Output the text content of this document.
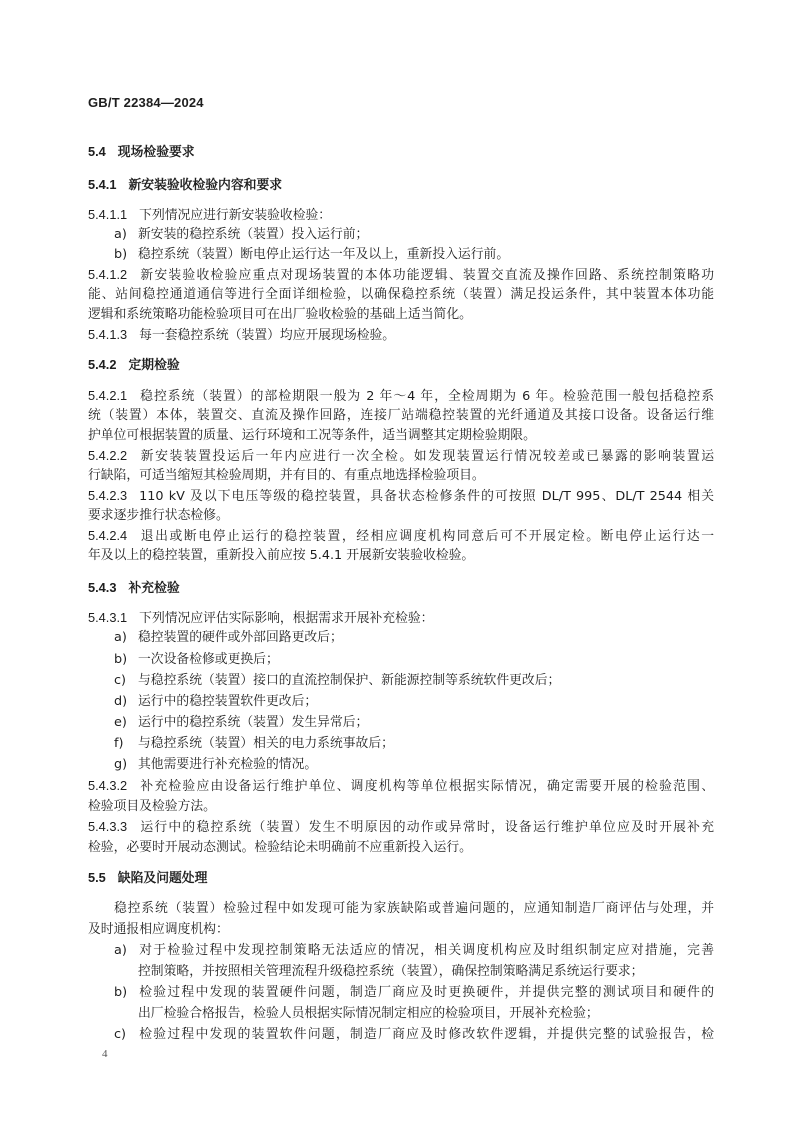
GB/T 22384—2024
5.4 现场检验要求
5.4.1 新安装验收检验内容和要求
5.4.1.1 下列情况应进行新安装验收检验：
a) 新安装的稳控系统（装置）投入运行前；
b) 稳控系统（装置）断电停止运行达一年及以上，重新投入运行前。
5.4.1.2 新安装验收检验应重点对现场装置的本体功能逻辑、装置交直流及操作回路、系统控制策略功
能、站间稳控通道通信等进行全面详细检验，以确保稳控系统（装置）满足投运条件，其中装置本体功能
逻辑和系统策略功能检验项目可在出厂验收检验的基础上适当简化。
5.4.1.3 每一套稳控系统（装置）均应开展现场检验。
5.4.2 定期检验
5.4.2.1 稳控系统（装置）的部检期限一般为 2 年～4 年，全检周期为 6 年。检验范围一般包括稳控系
统（装置）本体，装置交、直流及操作回路，连接厂站端稳控装置的光纤通道及其接口设备。设备运行维
护单位可根据装置的质量、运行环境和工况等条件，适当调整其定期检验期限。
5.4.2.2 新安装装置投运后一年内应进行一次全检。如发现装置运行情况较差或已暴露的影响装置运
行缺陷，可适当缩短其检验周期，并有目的、有重点地选择检验项目。
5.4.2.3 110 kV 及以下电压等级的稳控装置，具备状态检修条件的可按照 DL/T 995、DL/T 2544 相关
要求逐步推行状态检修。
5.4.2.4 退出或断电停止运行的稳控装置，经相应调度机构同意后可不开展定检。断电停止运行达一
年及以上的稳控装置，重新投入前应按 5.4.1 开展新安装验收检验。
5.4.3 补充检验
5.4.3.1 下列情况应评估实际影响，根据需求开展补充检验：
a) 稳控装置的硬件或外部回路更改后；
b) 一次设备检修或更换后；
c) 与稳控系统（装置）接口的直流控制保护、新能源控制等系统软件更改后；
d) 运行中的稳控装置软件更改后；
e) 运行中的稳控系统（装置）发生异常后；
f) 与稳控系统（装置）相关的电力系统事故后；
g) 其他需要进行补充检验的情况。
5.4.3.2 补充检验应由设备运行维护单位、调度机构等单位根据实际情况，确定需要开展的检验范围、
检验项目及检验方法。
5.4.3.3 运行中的稳控系统（装置）发生不明原因的动作或异常时，设备运行维护单位应及时开展补充
检验，必要时开展动态测试。检验结论未明确前不应重新投入运行。
5.5 缺陷及问题处理
稳控系统（装置）检验过程中如发现可能为家族缺陷或普遍问题的，应通知制造厂商评估与处理，并
及时通报相应调度机构：
a) 对于检验过程中发现控制策略无法适应的情况，相关调度机构应及时组织制定应对措施，完善
控制策略，并按照相关管理流程升级稳控系统（装置），确保控制策略满足系统运行要求；
b) 检验过程中发现的装置硬件问题，制造厂商应及时更换硬件，并提供完整的测试项目和硬件的
出厂检验合格报告，检验人员根据实际情况制定相应的检验项目，开展补充检验；
c) 检验过程中发现的装置软件问题，制造厂商应及时修改软件逻辑，并提供完整的试验报告，检
4
